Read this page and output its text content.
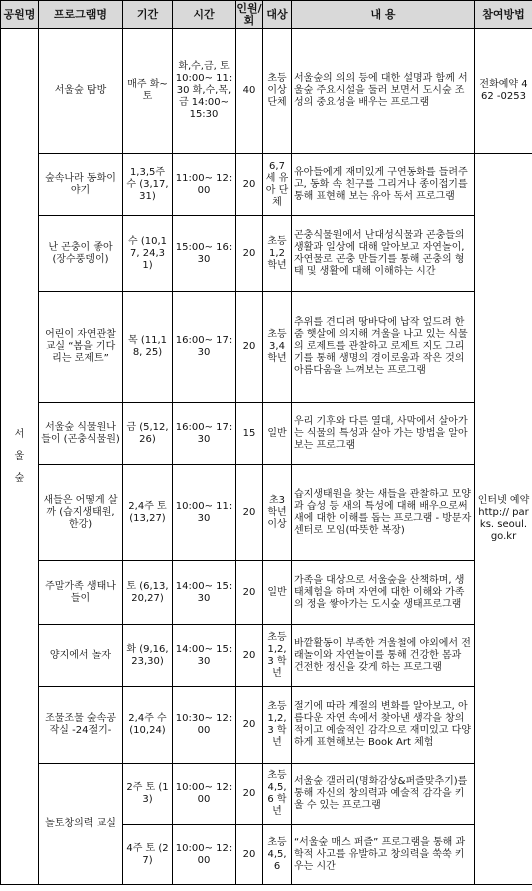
공원명	프로그램명	기간	시간	인원/회	대상	내 용	참여방법

서
울
숲	서울숲 탐방	매주 화~토	화,수,금, 토 10:00~ 11:30 화,수,목, 금 14:00~ 15:30	40	초등 이상 단체	서울숲의 의의 등에 대한 설명과 함께 서울숲 주요시설을 둘러 보면서 도시숲 조성의 중요성을 배우는 프로그램	전화예약 462 -0253
	숲속나라 동화이야기	1,3,5주 수 (3,17, 31)	11:00~ 12:00	20	6,7세 유아 단체	유아들에게 재미있게 구연동화를 들려주고, 동화 속 친구를 그리거나 종이접기를 통해 표현해 보는 유아 독서 프로그램	인터넷 예약 http:// parks. seoul. go.kr
	난 곤충이 좋아 (장수풍뎅이)	수 (10,17, 24,31)	15:00~ 16:30	20	초등 1,2 학년	곤충식물원에서 난대성식물과 곤충들의 생활과 일상에 대해 알아보고 자연놀이, 자연물로 곤충 만들기를 통해 곤충의 형태 및 생활에 대해 이해하는 시간	
	어린이 자연관찰교실 “봄을 기다리는 로제트”	목 (11,18, 25)	16:00~ 17:30	20	초등 3,4 학년	추위를 견디려 땅바닥에 납작 엎드려 한줌 햇살에 의지해 겨울을 나고 있는 식물의 로제트를 관찰하고 로제트 지도 그리기를 통해 생명의 경이로움과 작은 것의 아름다움을 느껴보는 프로그램	
	서울숲 식물원나들이 (곤충식물원)	금 (5,12, 26)	16:00~ 17:30	15	일반	우리 기후와 다른 열대, 사막에서 살아가는 식물의 특성과 살아 가는 방법을 알아 보는 프로그램	
	새들은 어떻게 살까 (습지생태원, 한강)	2,4주 토 (13,27)	10:00~ 11:30	20	초3 학년 이상	습지생태원을 찾는 새들을 관찰하고 모양과 습성 등 새의 특성에 대해 배우으로써 새에 대한 이해를 돕는 프로그램 - 방문자센터로 모임(따뜻한 복장)	
	주말가족 생태나들이	토 (6,13, 20,27)	14:00~ 15:30	20	일반	가족을 대상으로 서울숲을 산책하며, 생태체험을 하며 자연에 대한 이해와 가족의 정을 쌓아가는 도시숲 생태프로그램	
	양지에서 놀자	화 (9,16, 23,30)	14:00~ 15:30	20	초등 1,2,3 학년	바깥활동이 부족한 겨울철에 야외에서 전래놀이와 자연놀이를 통해 건강한 몸과 건전한 정신을 갖게 하는 프로그램	
	조물조물 숲속공작실 -24절기-	2,4주 수 (10,24)	10:30~ 12:00	20	초등 1,2,3 학년	절기에 따라 계절의 변화를 알아보고, 아름다운 자연 속에서 찾아낸 생각을 창의적이고 예술적인 감각으로 재미있고 다양하게 표현해보는 Book Art 체험	
	놀토창의력 교실	2주 토 (13)	10:00~ 12:00	20	초등 4,5,6 학년	서울숲 갤러리(명화감상&퍼즐맞추기)를 통해 자신의 창의력과 예술적 감각을 키울 수 있는 프로그램	
		4주 토 (27)	10:00~ 12:00	20	초등 4,5,6	“서울숲 매스 퍼즐” 프로그램을 통해 과학적 사고를 유발하고 창의력을 쑥쑥 키우는 시간	
